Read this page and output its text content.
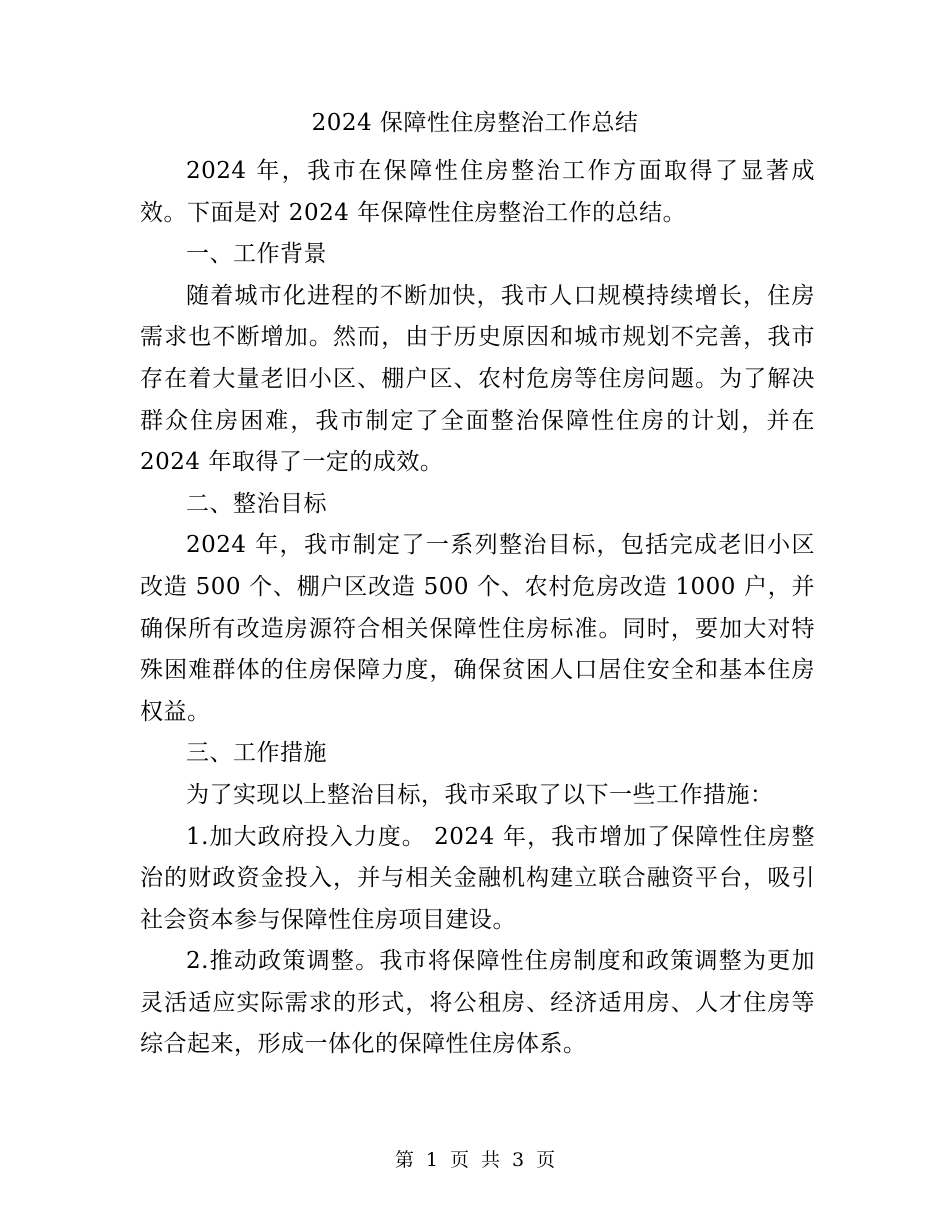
2024 保障性住房整治工作总结

2024 年，我市在保障性住房整治工作方面取得了显著成效。下面是对 2024 年保障性住房整治工作的总结。

一、工作背景

随着城市化进程的不断加快，我市人口规模持续增长，住房需求也不断增加。然而，由于历史原因和城市规划不完善，我市存在着大量老旧小区、棚户区、农村危房等住房问题。为了解决群众住房困难，我市制定了全面整治保障性住房的计划，并在 2024 年取得了一定的成效。

二、整治目标

2024 年，我市制定了一系列整治目标，包括完成老旧小区改造 500 个、棚户区改造 500 个、农村危房改造 1000 户，并确保所有改造房源符合相关保障性住房标准。同时，要加大对特殊困难群体的住房保障力度，确保贫困人口居住安全和基本住房权益。

三、工作措施

为了实现以上整治目标，我市采取了以下一些工作措施：

1.加大政府投入力度。 2024 年，我市增加了保障性住房整治的财政资金投入，并与相关金融机构建立联合融资平台，吸引社会资本参与保障性住房项目建设。

2.推动政策调整。我市将保障性住房制度和政策调整为更加灵活适应实际需求的形式，将公租房、经济适用房、人才住房等综合起来，形成一体化的保障性住房体系。

第 1 页 共 3 页
